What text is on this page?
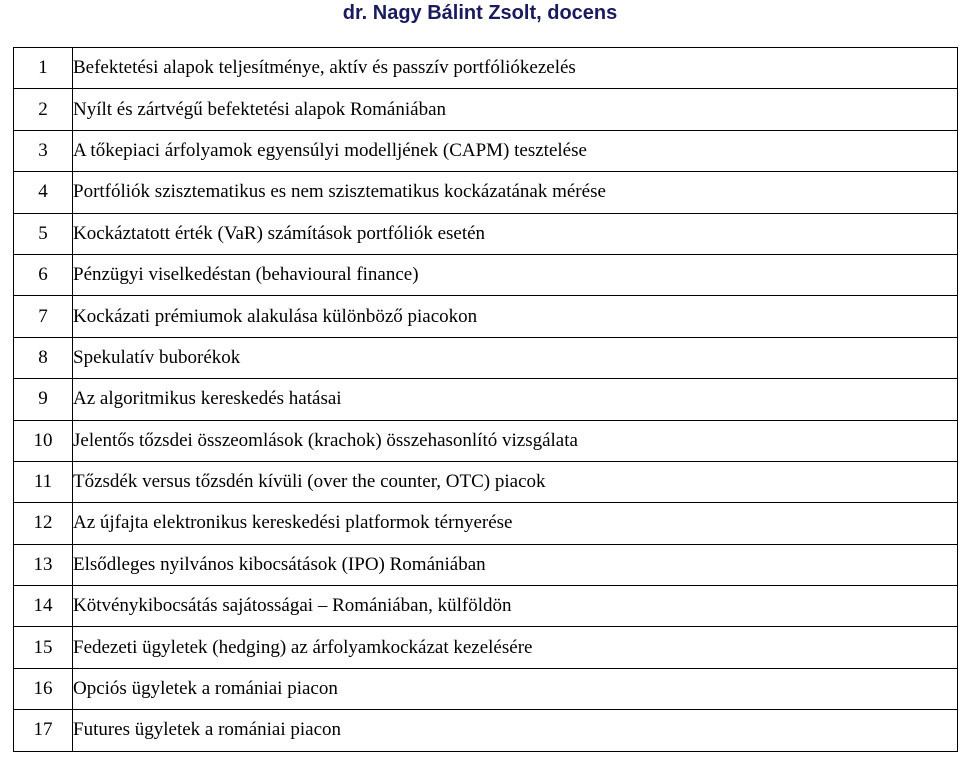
dr. Nagy Bálint Zsolt, docens
1	Befektetési alapok teljesítménye, aktív és passzív portfóliókezelés
2	Nyílt és zártvégű befektetési alapok Romániában
3	A tőkepiaci árfolyamok egyensúlyi modelljének (CAPM) tesztelése
4	Portfóliók szisztematikus es nem szisztematikus kockázatának mérése
5	Kockáztatott érték (VaR) számítások portfóliók esetén
6	Pénzügyi viselkedéstan (behavioural finance)
7	Kockázati prémiumok alakulása különböző piacokon
8	Spekulatív buborékok
9	Az algoritmikus kereskedés hatásai
10	Jelentős tőzsdei összeomlások (krachok) összehasonlító vizsgálata
11	Tőzsdék versus tőzsdén kívüli (over the counter, OTC) piacok
12	Az újfajta elektronikus kereskedési platformok térnyerése
13	Elsődleges nyilvános kibocsátások (IPO) Romániában
14	Kötvénykibocsátás sajátosságai – Romániában, külföldön
15	Fedezeti ügyletek (hedging) az árfolyamkockázat kezelésére
16	Opciós ügyletek a romániai piacon
17	Futures ügyletek a romániai piacon
